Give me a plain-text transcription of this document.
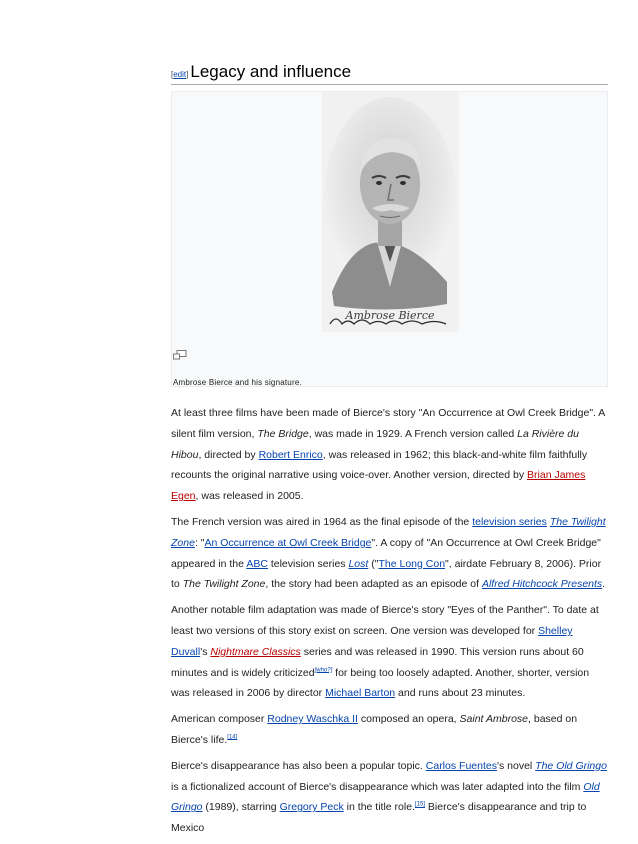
[ edit ] Legacy and influence
Ambrose Bierce
Ambrose Bierce and his signature.

At least three films have been made of Bierce's story "An Occurrence at Owl Creek Bridge". A silent film version, The Bridge, was made in 1929. A French version called La Rivière du Hibou, directed by Robert Enrico, was released in 1962; this black-and-white film faithfully recounts the original narrative using voice-over. Another version, directed by Brian James Egen, was released in 2005.

The French version was aired in 1964 as the final episode of the television series The Twilight Zone: "An Occurrence at Owl Creek Bridge". A copy of "An Occurrence at Owl Creek Bridge" appeared in the ABC television series Lost ("The Long Con", airdate February 8, 2006). Prior to The Twilight Zone, the story had been adapted as an episode of Alfred Hitchcock Presents.

Another notable film adaptation was made of Bierce's story "Eyes of the Panther". To date at least two versions of this story exist on screen. One version was developed for Shelley Duvall's Nightmare Classics series and was released in 1990. This version runs about 60 minutes and is widely criticized[who?] for being too loosely adapted. Another, shorter, version was released in 2006 by director Michael Barton and runs about 23 minutes.

American composer Rodney Waschka II composed an opera, Saint Ambrose, based on Bierce's life.[14]

Bierce's disappearance has also been a popular topic. Carlos Fuentes's novel The Old Gringo is a fictionalized account of Bierce's disappearance which was later adapted into the film Old Gringo (1989), starring Gregory Peck in the title role.[15] Bierce's disappearance and trip to Mexico
